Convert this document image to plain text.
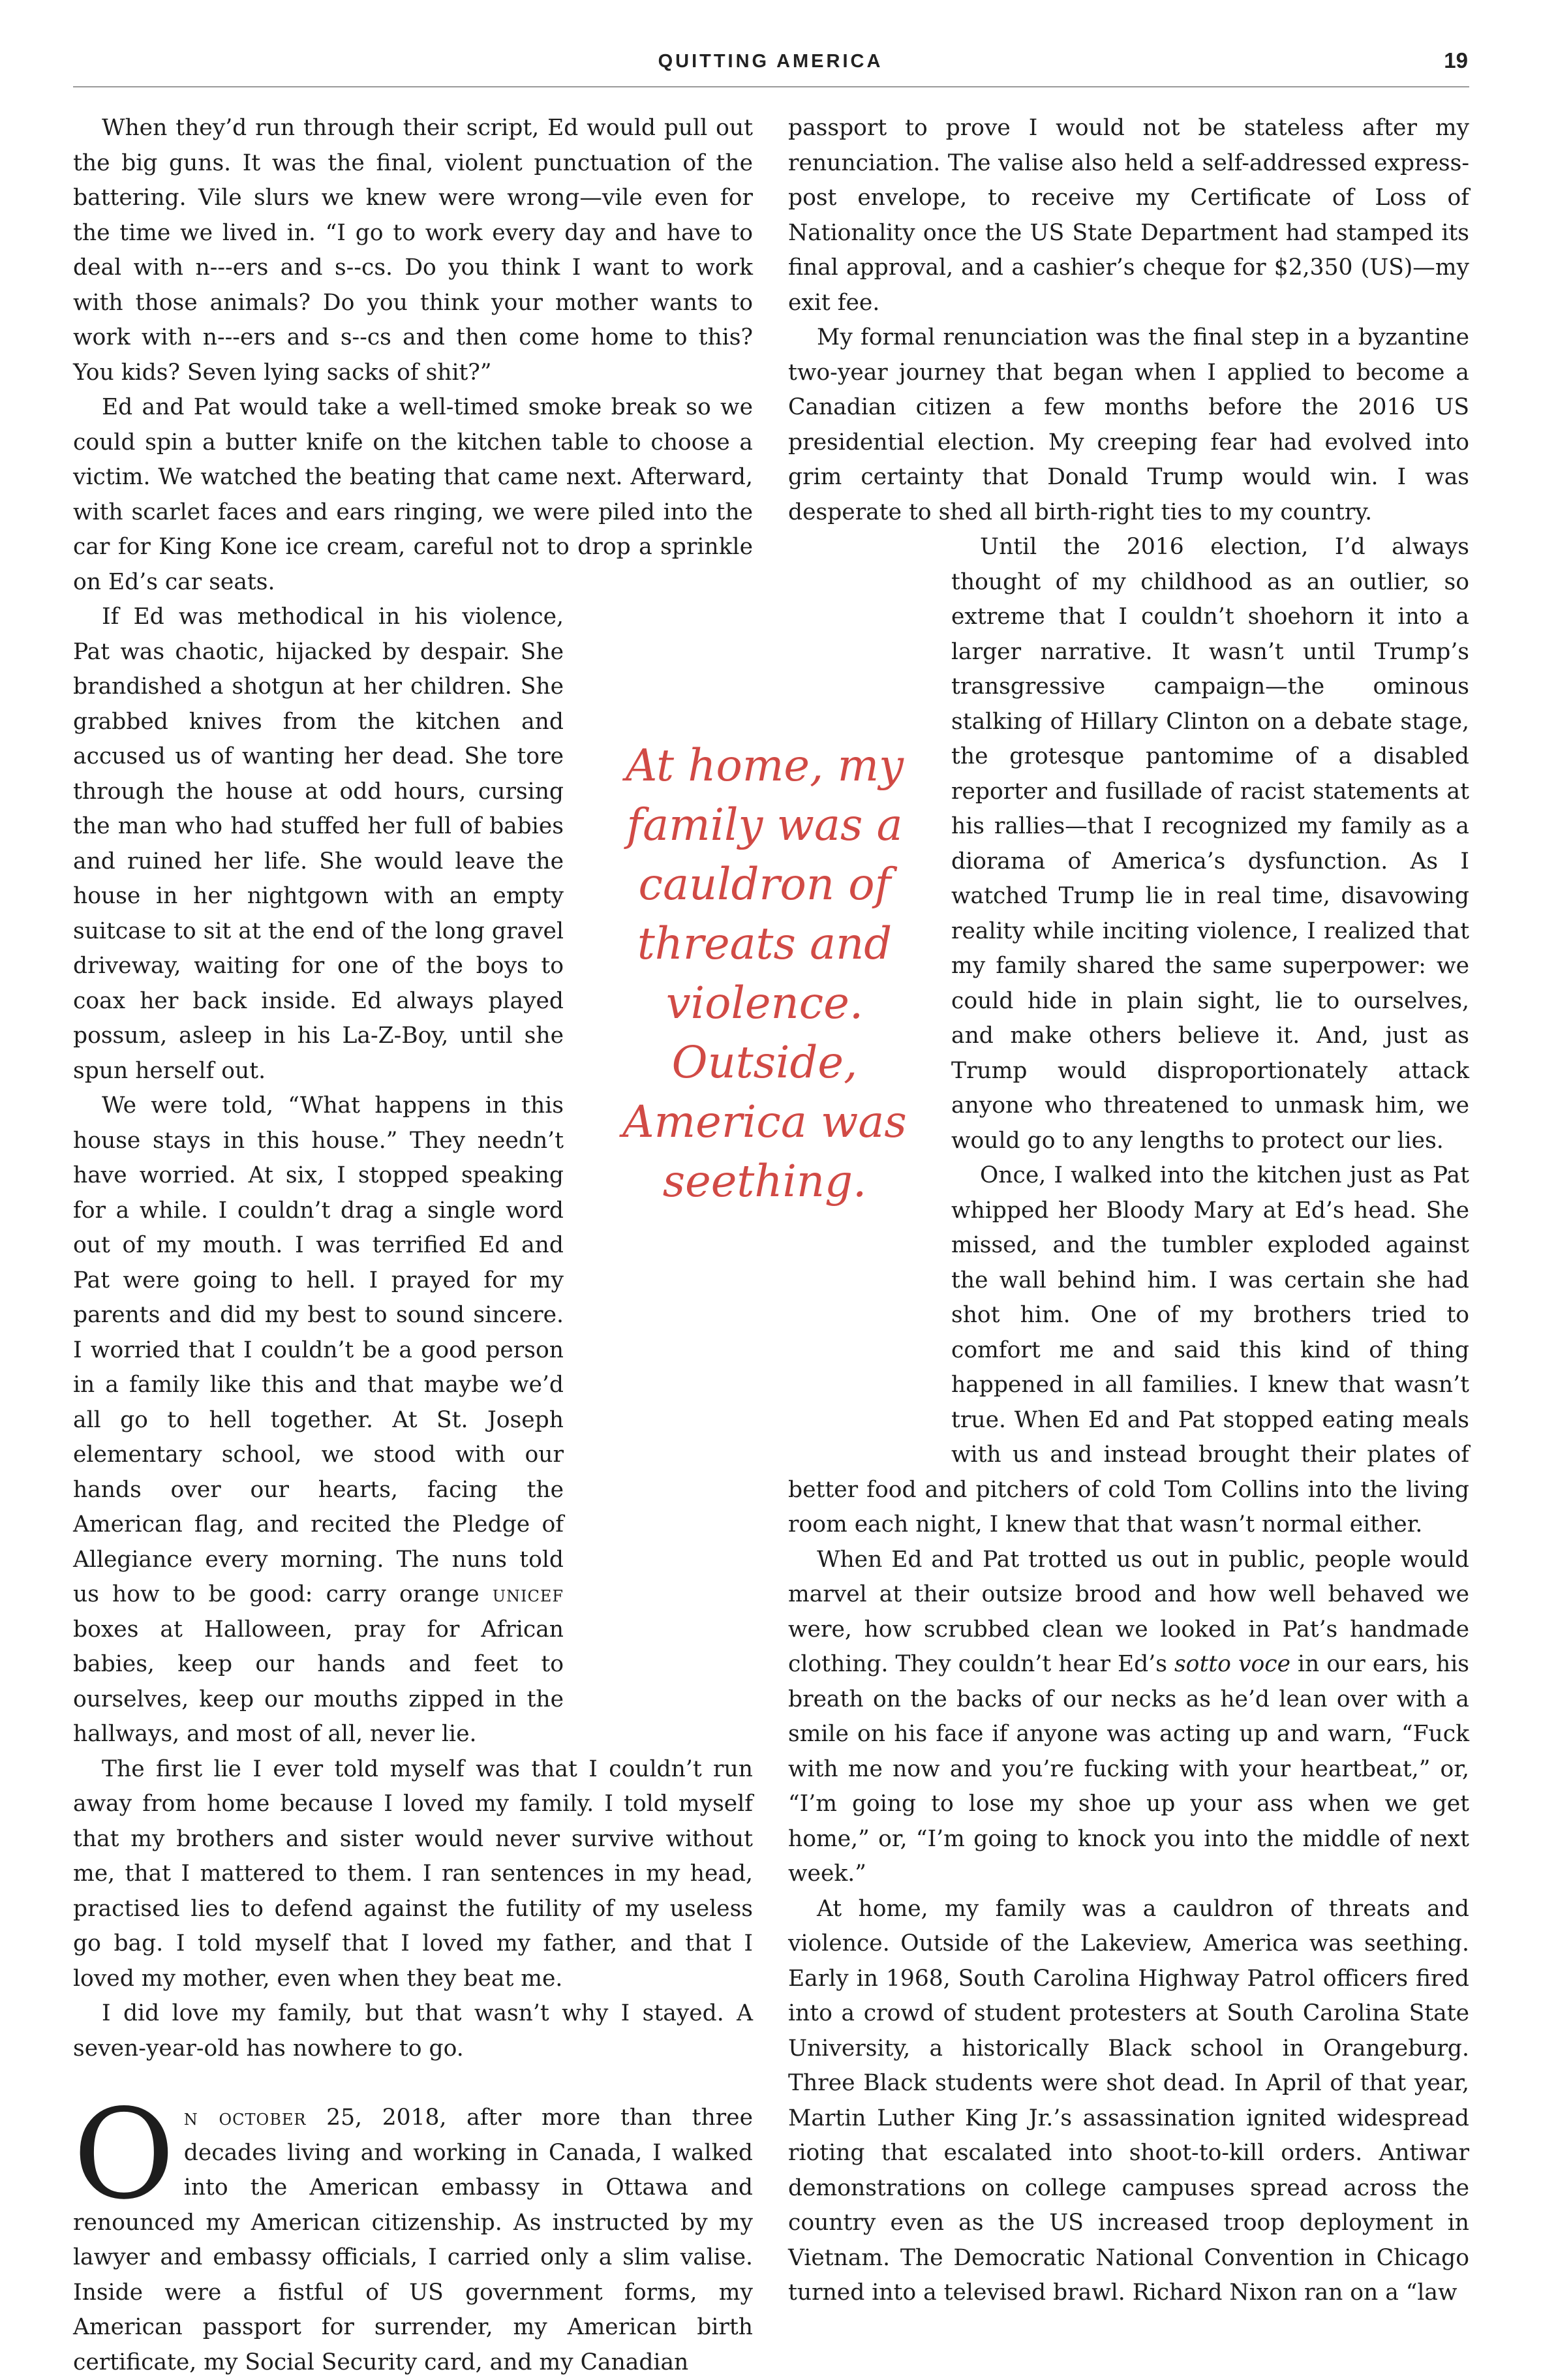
QUITTING AMERICA	19

When they’d run through their script, Ed would pull out the big guns. It was the final, violent punctuation of the battering. Vile slurs we knew were wrong—vile even for the time we lived in. “I go to work every day and have to deal with n---ers and s--cs. Do you think I want to work with those animals? Do you think your mother wants to work with n---ers and s--cs and then come home to this? You kids? Seven lying sacks of shit?”

Ed and Pat would take a well-timed smoke break so we could spin a butter knife on the kitchen table to choose a victim. We watched the beating that came next. Afterward, with scarlet faces and ears ringing, we were piled into the car for King Kone ice cream, careful not to drop a sprinkle on Ed’s car seats.

If Ed was methodical in his violence, Pat was chaotic, hijacked by despair. She brandished a shotgun at her children. She grabbed knives from the kitchen and accused us of wanting her dead. She tore through the house at odd hours, cursing the man who had stuffed her full of babies and ruined her life. She would leave the house in her nightgown with an empty suitcase to sit at the end of the long gravel driveway, waiting for one of the boys to coax her back inside. Ed always played possum, asleep in his La-Z-Boy, until she spun herself out.

We were told, “What happens in this house stays in this house.” They needn’t have worried. At six, I stopped speaking for a while. I couldn’t drag a single word out of my mouth. I was terrified Ed and Pat were going to hell. I prayed for my parents and did my best to sound sincere. I worried that I couldn’t be a good person in a family like this and that maybe we’d all go to hell together. At St. Joseph elementary school, we stood with our hands over our hearts, facing the American flag, and recited the Pledge of Allegiance every morning. The nuns told us how to be good: carry orange unicef boxes at Halloween, pray for African babies, keep our hands and feet to ourselves, keep our mouths zipped in the hallways, and most of all, never lie.

The first lie I ever told myself was that I couldn’t run away from home because I loved my family. I told myself that my brothers and sister would never survive without me, that I mattered to them. I ran sentences in my head, practised lies to defend against the futility of my useless go bag. I told myself that I loved my father, and that I loved my mother, even when they beat me.

I did love my family, but that wasn’t why I stayed. A seven-year-old has nowhere to go.

On october 25, 2018, after more than three decades living and working in Canada, I walked into the American embassy in Ottawa and renounced my American citizenship. As instructed by my lawyer and embassy officials, I carried only a slim valise. Inside were a fistful of US government forms, my American passport for surrender, my American birth certificate, my Social Security card, and my Canadian

passport to prove I would not be stateless after my renunciation. The valise also held a self-addressed express-post envelope, to receive my Certificate of Loss of Nationality once the US State Department had stamped its final approval, and a cashier’s cheque for $2,350 (US)—my exit fee.

My formal renunciation was the final step in a byzantine two-year journey that began when I applied to become a Canadian citizen a few months before the 2016 US presidential election. My creeping fear had evolved into grim certainty that Donald Trump would win. I was desperate to shed all birth-right ties to my country.

Until the 2016 election, I’d always thought of my childhood as an outlier, so extreme that I couldn’t shoehorn it into a larger narrative. It wasn’t until Trump’s transgressive campaign—the ominous stalking of Hillary Clinton on a debate stage, the grotesque pantomime of a disabled reporter and fusillade of racist statements at his rallies—that I recognized my family as a diorama of America’s dysfunction. As I watched Trump lie in real time, disavowing reality while inciting violence, I realized that my family shared the same superpower: we could hide in plain sight, lie to ourselves, and make others believe it. And, just as Trump would disproportionately attack anyone who threatened to unmask him, we would go to any lengths to protect our lies.

Once, I walked into the kitchen just as Pat whipped her Bloody Mary at Ed’s head. She missed, and the tumbler exploded against the wall behind him. I was certain she had shot him. One of my brothers tried to comfort me and said this kind of thing happened in all families. I knew that wasn’t true. When Ed and Pat stopped eating meals with us and instead brought their plates of better food and pitchers of cold Tom Collins into the living room each night, I knew that that wasn’t normal either.

When Ed and Pat trotted us out in public, people would marvel at their outsize brood and how well behaved we were, how scrubbed clean we looked in Pat’s handmade clothing. They couldn’t hear Ed’s sotto voce in our ears, his breath on the backs of our necks as he’d lean over with a smile on his face if anyone was acting up and warn, “Fuck with me now and you’re fucking with your heartbeat,” or, “I’m going to lose my shoe up your ass when we get home,” or, “I’m going to knock you into the middle of next week.”

At home, my family was a cauldron of threats and violence. Outside of the Lakeview, America was seething. Early in 1968, South Carolina Highway Patrol officers fired into a crowd of student protesters at South Carolina State University, a historically Black school in Orangeburg. Three Black students were shot dead. In April of that year, Martin Luther King Jr.’s assassination ignited widespread rioting that escalated into shoot-to-kill orders. Antiwar demonstrations on college campuses spread across the country even as the US increased troop deployment in Vietnam. The Democratic National Convention in Chicago turned into a televised brawl. Richard Nixon ran on a “law

At home, my family was a cauldron of threats and violence. Outside, America was seething.
